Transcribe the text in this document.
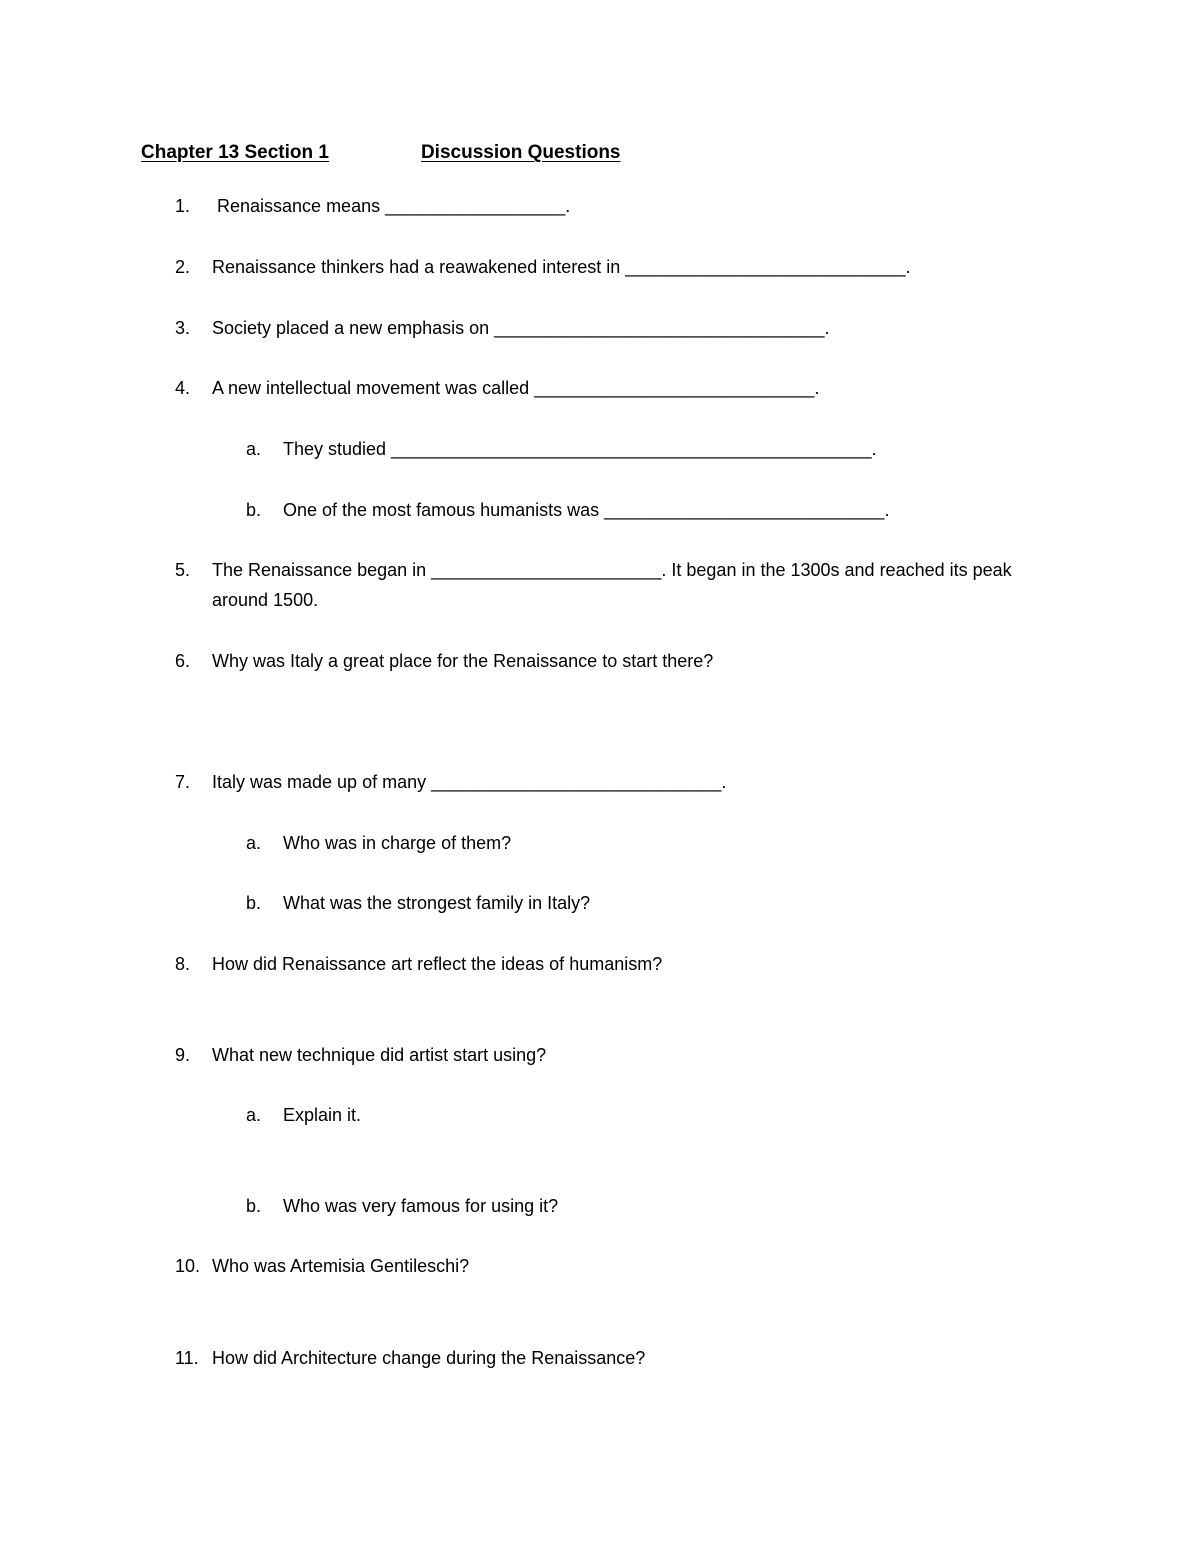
Chapter 13 Section 1	Discussion Questions
1. Renaissance means __________________.
2. Renaissance thinkers had a reawakened interest in ____________________________.
3. Society placed a new emphasis on _________________________________.
4. A new intellectual movement was called ____________________________.
a. They studied ________________________________________________.
b. One of the most famous humanists was ____________________________.
5. The Renaissance began in _______________________. It began in the 1300s and reached its peak around 1500.
6. Why was Italy a great place for the Renaissance to start there?
7. Italy was made up of many _____________________________.
a. Who was in charge of them?
b. What was the strongest family in Italy?
8. How did Renaissance art reflect the ideas of humanism?
9. What new technique did artist start using?
a. Explain it.
b. Who was very famous for using it?
10. Who was Artemisia Gentileschi?
11. How did Architecture change during the Renaissance?
